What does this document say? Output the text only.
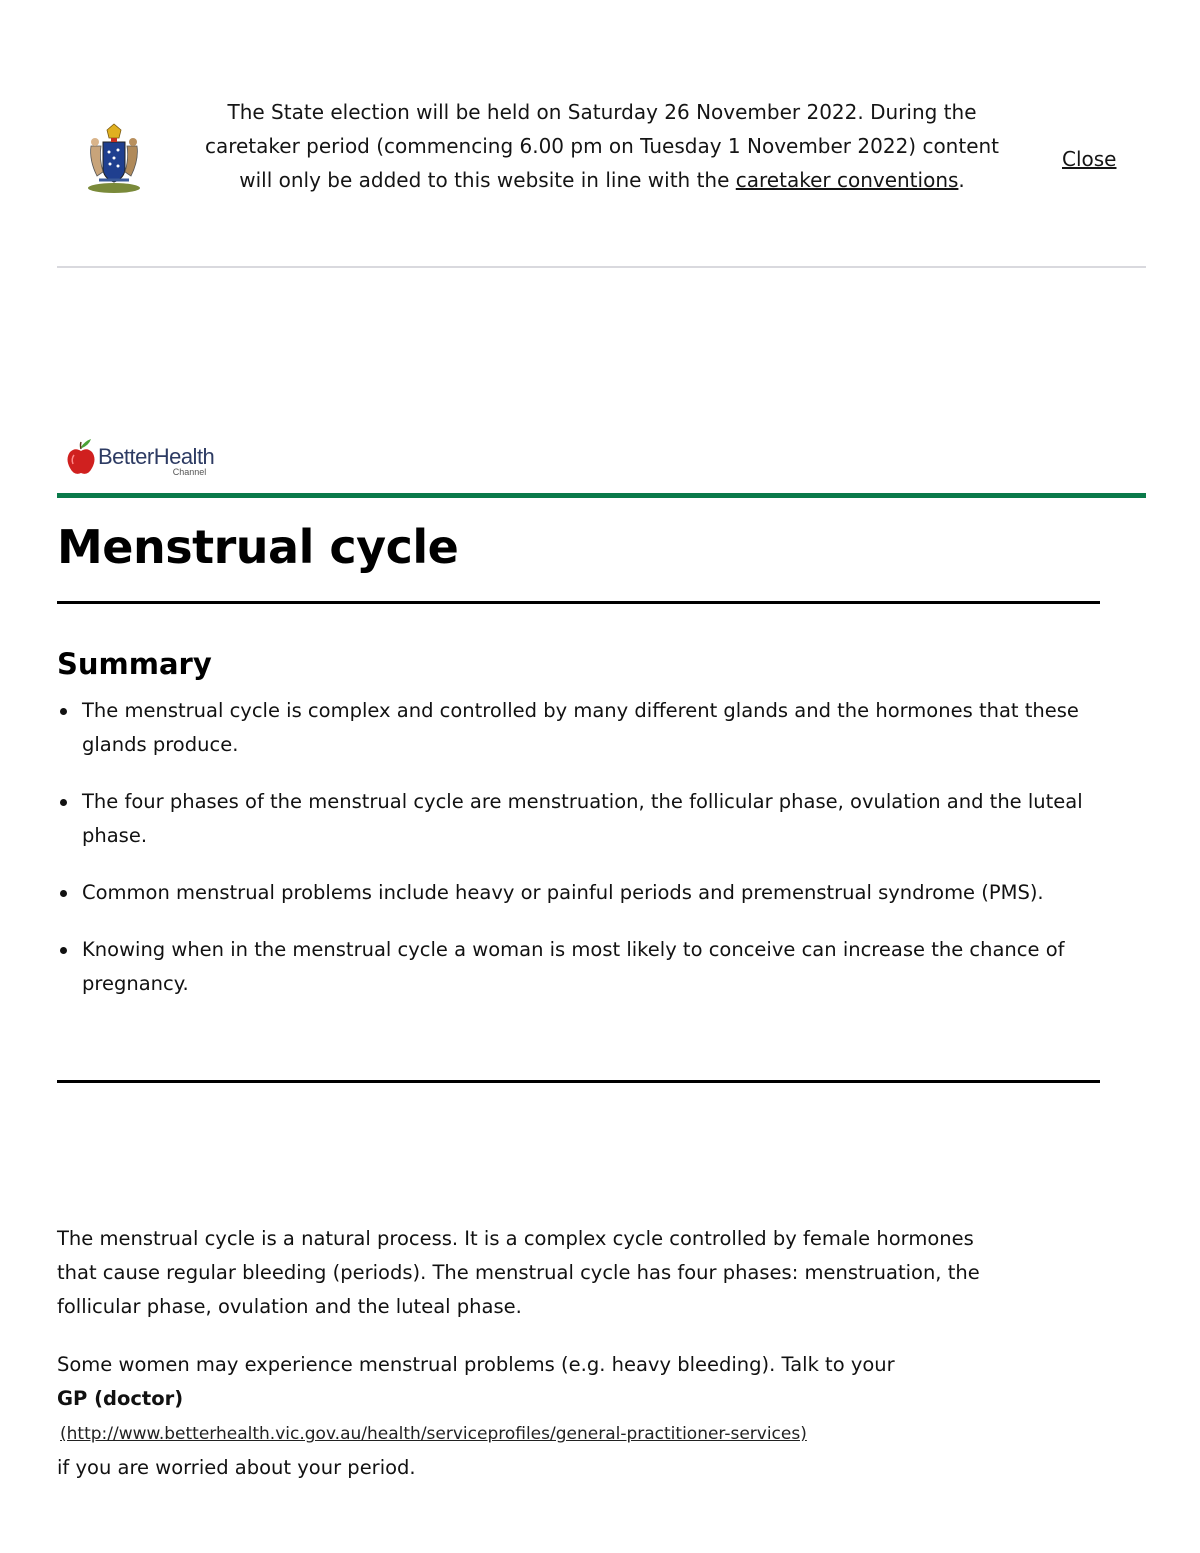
The State election will be held on Saturday 26 November 2022. During the caretaker period (commencing 6.00 pm on Tuesday 1 November 2022) content will only be added to this website in line with the caretaker conventions.
Close
BetterHealth
Channel
Menstrual cycle
Summary
The menstrual cycle is complex and controlled by many different glands and the hormones that these glands produce.
The four phases of the menstrual cycle are menstruation, the follicular phase, ovulation and the luteal phase.
Common menstrual problems include heavy or painful periods and premenstrual syndrome (PMS).
Knowing when in the menstrual cycle a woman is most likely to conceive can increase the chance of pregnancy.

The menstrual cycle is a natural process. It is a complex cycle controlled by female hormones that cause regular bleeding (periods). The menstrual cycle has four phases: menstruation, the follicular phase, ovulation and the luteal phase.

Some women may experience menstrual problems (e.g. heavy bleeding). Talk to your
GP (doctor)
(http://www.betterhealth.vic.gov.au/health/serviceprofiles/general-practitioner-services)
if you are worried about your period.
